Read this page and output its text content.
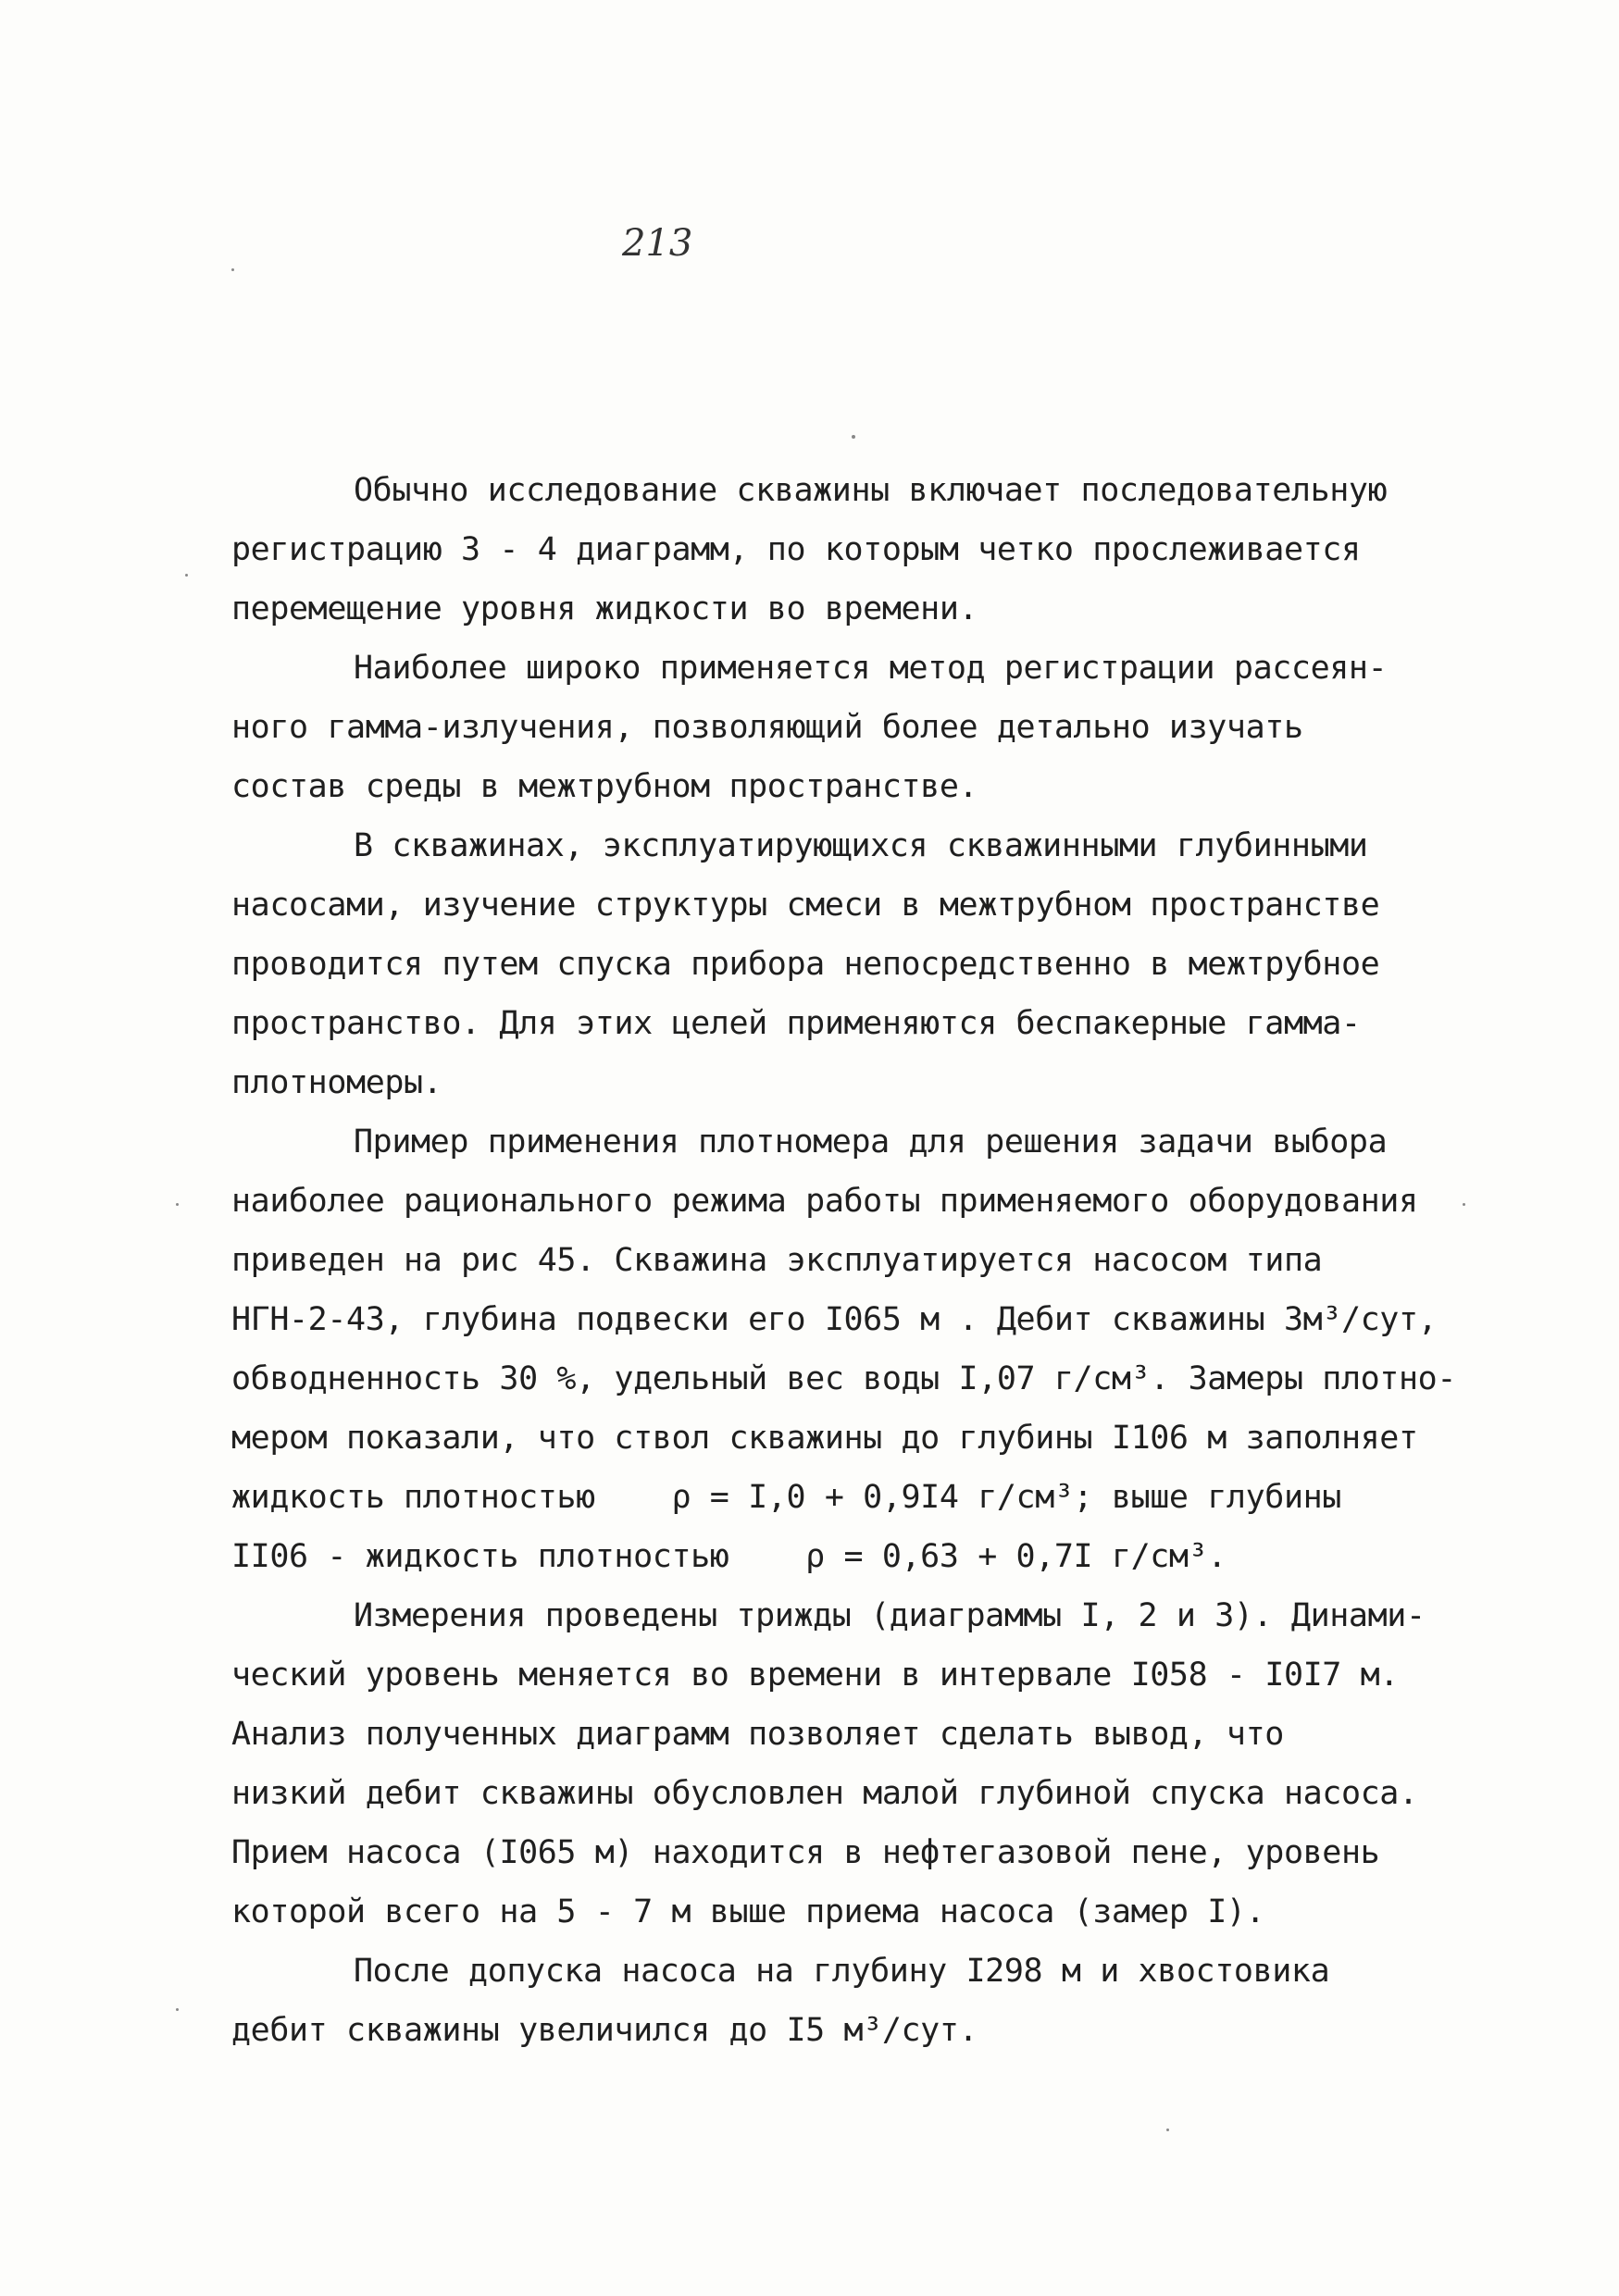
213
Обычно исследование скважины включает последовательную
регистрацию 3 - 4 диаграмм, по которым четко прослеживается
перемещение уровня жидкости во времени.
Наиболее широко применяется метод регистрации рассеян-
ного гамма-излучения, позволяющий более детально изучать
состав среды в межтрубном пространстве.
В скважинах, эксплуатирующихся скважинными глубинными
насосами, изучение структуры смеси в межтрубном пространстве
проводится путем спуска прибора непосредственно в межтрубное
пространство. Для этих целей применяются беспакерные гамма-
плотномеры.
Пример применения плотномера для решения задачи выбора
наиболее рационального режима работы применяемого оборудования
приведен на рис 45. Скважина эксплуатируется насосом типа
НГН-2-43, глубина подвески его I065 м . Дебит скважины 3м³/сут,
обводненность 30 %, удельный вес воды I,07 г/см³. Замеры плотно-
мером показали, что ствол скважины до глубины I106 м заполняет
жидкость плотностью    ρ = I,0 + 0,9I4 г/см³; выше глубины
II06 - жидкость плотностью    ρ = 0,63 + 0,7I г/см³.
Измерения проведены трижды (диаграммы I, 2 и 3). Динами-
ческий уровень меняется во времени в интервале I058 - I0I7 м.
Анализ полученных диаграмм позволяет сделать вывод, что
низкий дебит скважины обусловлен малой глубиной спуска насоса.
Прием насоса (I065 м) находится в нефтегазовой пене, уровень
которой всего на 5 - 7 м выше приема насоса (замер I).
После допуска насоса на глубину I298 м и хвостовика
дебит скважины увеличился до I5 м³/сут.
